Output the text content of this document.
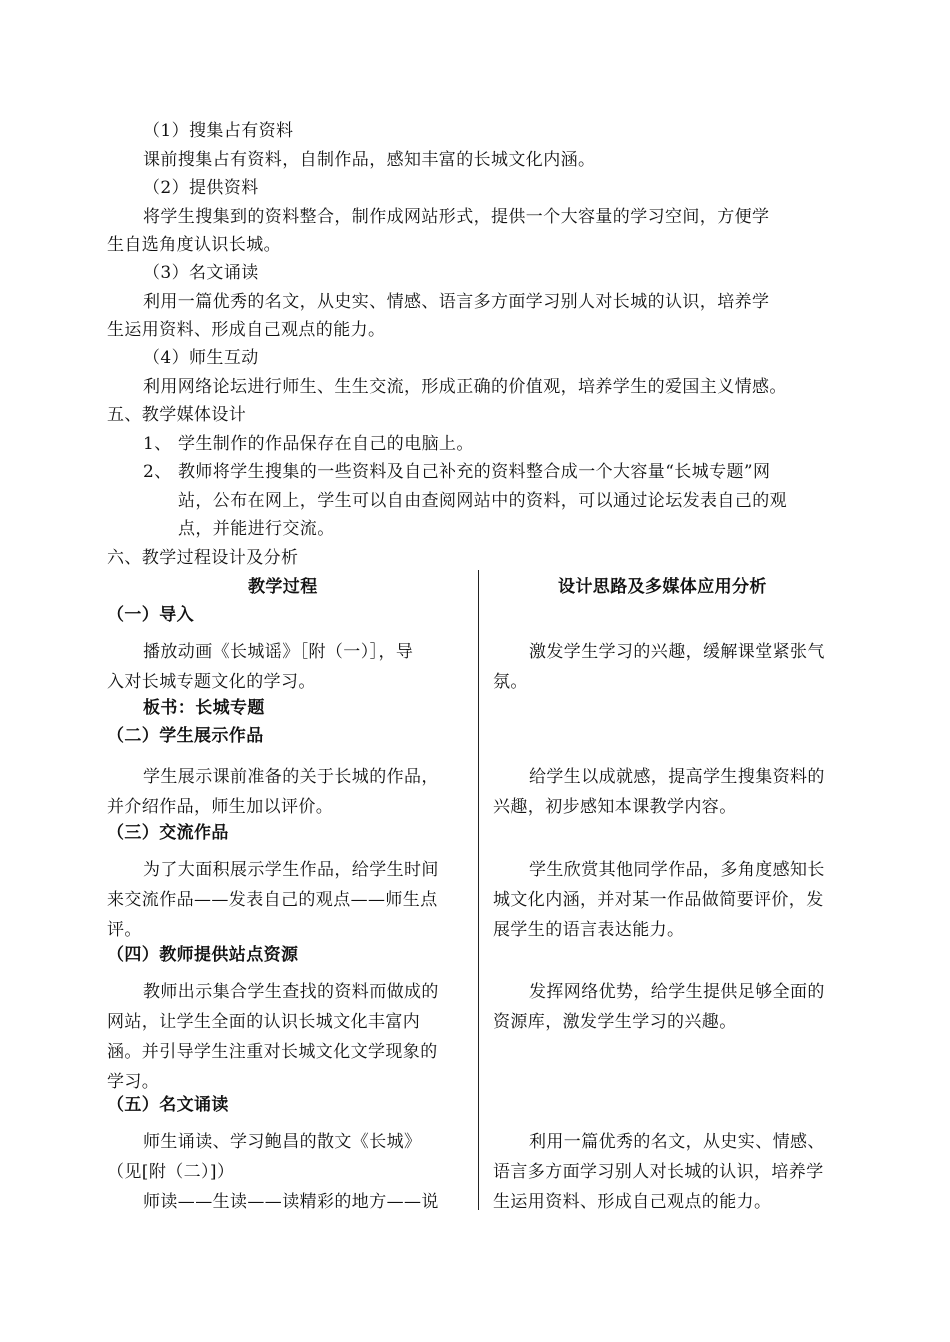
（1）搜集占有资料
课前搜集占有资料，自制作品，感知丰富的长城文化内涵。
（2）提供资料
将学生搜集到的资料整合，制作成网站形式，提供一个大容量的学习空间，方便学
生自选角度认识长城。
（3）名文诵读
利用一篇优秀的名文，从史实、情感、语言多方面学习别人对长城的认识，培养学
生运用资料、形成自己观点的能力。
（4）师生互动
利用网络论坛进行师生、生生交流，形成正确的价值观，培养学生的爱国主义情感。
五、教学媒体设计
1、 学生制作的作品保存在自己的电脑上。
2、 教师将学生搜集的一些资料及自己补充的资料整合成一个大容量“长城专题”网
站，公布在网上，学生可以自由查阅网站中的资料，可以通过论坛发表自己的观
点，并能进行交流。
六、教学过程设计及分析
教学过程	设计思路及多媒体应用分析
（一）导入
播放动画《长城谣》［附（一）］，导
入对长城专题文化的学习。
激发学生学习的兴趣，缓解课堂紧张气
氛。
板书：长城专题
（二）学生展示作品
学生展示课前准备的关于长城的作品，
并介绍作品，师生加以评价。
给学生以成就感，提高学生搜集资料的
兴趣，初步感知本课教学内容。
（三）交流作品
为了大面积展示学生作品，给学生时间
来交流作品——发表自己的观点——师生点
评。
学生欣赏其他同学作品，多角度感知长
城文化内涵，并对某一作品做简要评价，发
展学生的语言表达能力。
（四）教师提供站点资源
教师出示集合学生查找的资料而做成的
网站，让学生全面的认识长城文化丰富内
涵。并引导学生注重对长城文化文学现象的
学习。
发挥网络优势，给学生提供足够全面的
资源库，激发学生学习的兴趣。
（五）名文诵读
师生诵读、学习鲍昌的散文《长城》
（见[附（二）]）
师读——生读——读精彩的地方——说
利用一篇优秀的名文，从史实、情感、
语言多方面学习别人对长城的认识，培养学
生运用资料、形成自己观点的能力。
